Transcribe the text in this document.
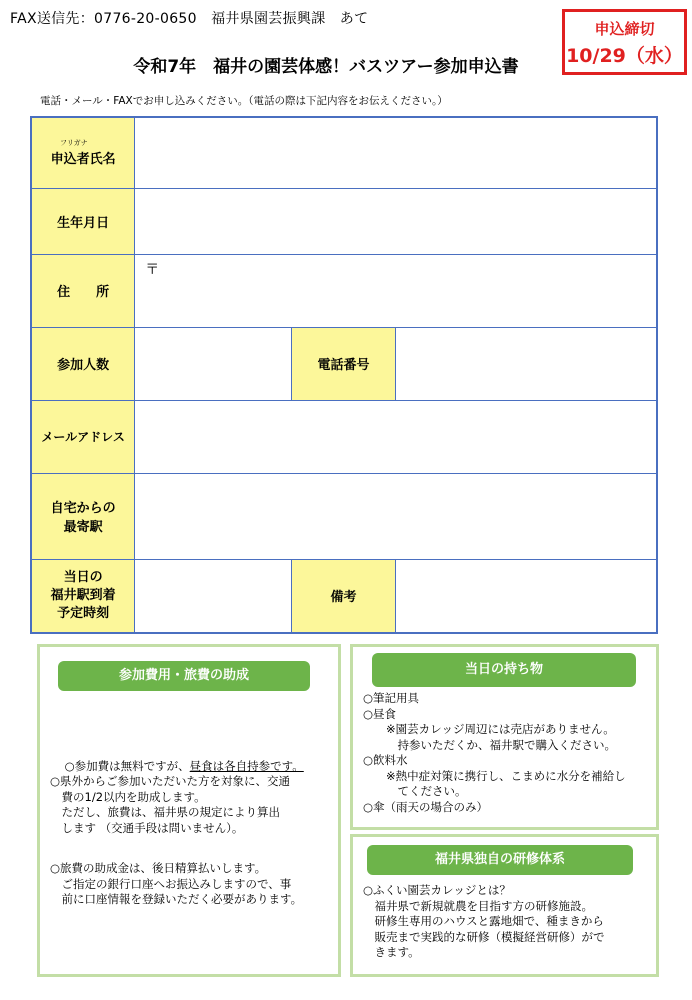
FAX送信先：0776-20-0650　福井県園芸振興課　あて
申込締切
10/29（水）
令和7年　福井の園芸体感！バスツアー参加申込書
電話・メール・FAXでお申し込みください。（電話の際は下記内容をお伝えください。）
フリガナ
申込者氏名			
生年月日			
住　　所	〒		

参加人数		電話番号	
メールアドレス			

自宅からの
最寄駅			

当日の
福井駅到着
予定時刻		備考	
参加費用・旅費の助成

○参加費は無料ですが、昼食は各自持参です。

○県外からご参加いただいた方を対象に、交通
　費の1/2以内を助成します。
　ただし、旅費は、福井県の規定により算出
　します （交通手段は問いません）。
○旅費の助成金は、後日精算払いします。
　ご指定の銀行口座へお振込みしますので、事
　前に口座情報を登録いただく必要があります。
当日の持ち物
○筆記用具
○昼食
　　※園芸カレッジ周辺には売店がありません。
　　　持参いただくか、福井駅で購入ください。
○飲料水
　　※熱中症対策に携行し、こまめに水分を補給し
　　　てください。
○傘（雨天の場合のみ）
福井県独自の研修体系
○ふくい園芸カレッジとは？
　福井県で新規就農を目指す方の研修施設。
　研修生専用のハウスと露地畑で、種まきから
　販売まで実践的な研修（模擬経営研修）がで
　きます。
